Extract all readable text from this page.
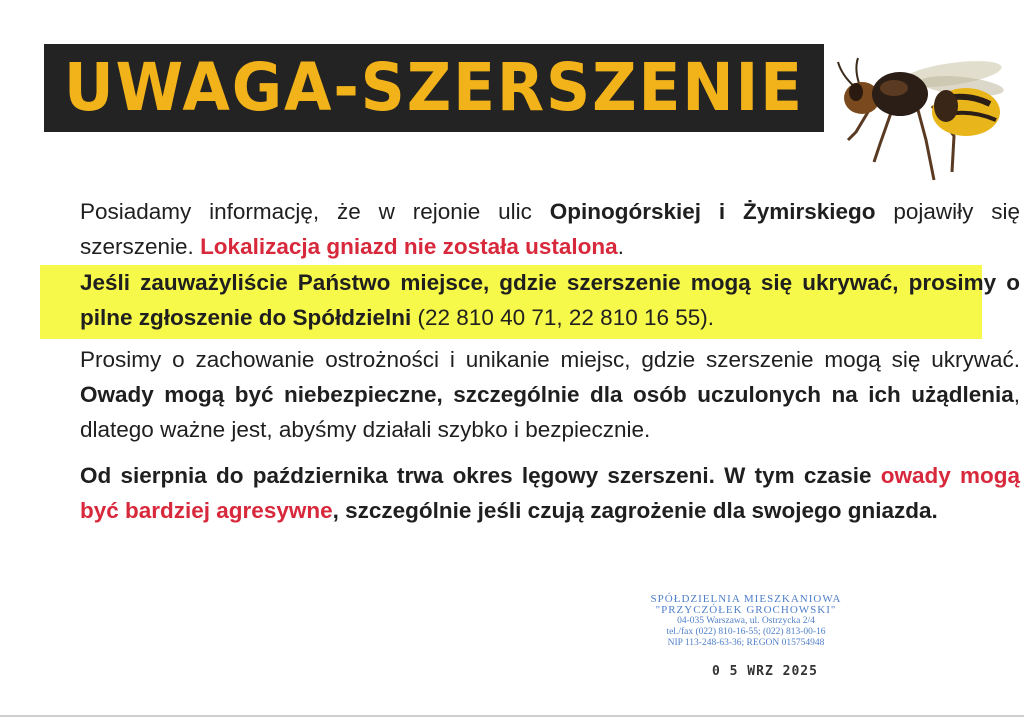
UWAGA-SZERSZENIE
Posiadamy informację, że w rejonie ulic Opinogórskiej i Żymirskiego pojawiły się szerszenie. Lokalizacja gniazd nie została ustalona.
Jeśli zauważyliście Państwo miejsce, gdzie szerszenie mogą się ukrywać, prosimy o pilne zgłoszenie do Spółdzielni (22 810 40 71, 22 810 16 55).
Prosimy o zachowanie ostrożności i unikanie miejsc, gdzie szerszenie mogą się ukrywać. Owady mogą być niebezpieczne, szczególnie dla osób uczulonych na ich użądlenia, dlatego ważne jest, abyśmy działali szybko i bezpiecznie.
Od sierpnia do października trwa okres lęgowy szerszeni. W tym czasie owady mogą być bardziej agresywne, szczególnie jeśli czują zagrożenie dla swojego gniazda.
SPÓŁDZIELNIA MIESZKANIOWA
"PRZYCZÓŁEK GROCHOWSKI"
04-035 Warszawa, ul. Ostrzycka 2/4
tel./fax (022) 810-16-55; (022) 813-00-16
NIP 113-248-63-36; REGON 015754948
0 5 WRZ 2025
